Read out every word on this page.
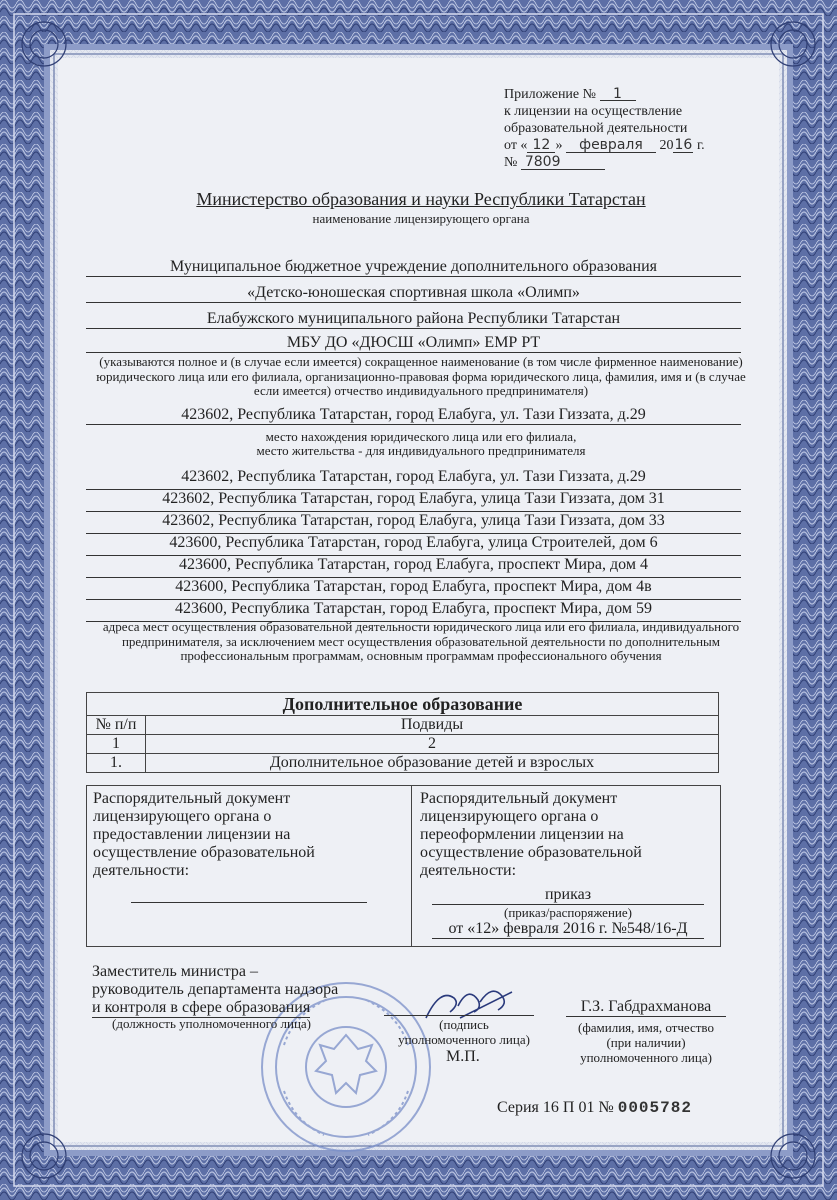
Приложение № 1
к лицензии на осуществление
образовательной деятельности
от « 12 » февраля 2016 г.
№ 7809
Министерство образования и науки Республики Татарстан
наименование лицензирующего органа
Муниципальное бюджетное учреждение дополнительного образования
«Детско-юношеская спортивная школа «Олимп»
Елабужского муниципального района Республики Татарстан
МБУ ДО «ДЮСШ «Олимп» ЕМР РТ
(указываются полное и (в случае если имеется) сокращенное наименование (в том числе фирменное наименование) юридического лица или его филиала, организационно-правовая форма юридического лица, фамилия, имя и (в случае если имеется) отчество индивидуального предпринимателя)
423602, Республика Татарстан, город Елабуга, ул. Тази Гиззата, д.29
место нахождения юридического лица или его филиала,
место жительства - для индивидуального предпринимателя
423602, Республика Татарстан, город Елабуга, ул. Тази Гиззата, д.29
423602, Республика Татарстан, город Елабуга, улица Тази Гиззата, дом 31
423602, Республика Татарстан, город Елабуга, улица Тази Гиззата, дом 33
423600, Республика Татарстан, город Елабуга, улица Строителей, дом 6
423600, Республика Татарстан, город Елабуга, проспект Мира, дом 4
423600, Республика Татарстан, город Елабуга, проспект Мира, дом 4в
423600, Республика Татарстан, город Елабуга, проспект Мира, дом 59
адреса мест осуществления образовательной деятельности юридического лица или его филиала, индивидуального предпринимателя, за исключением мест осуществления образовательной деятельности по дополнительным профессиональным программам, основным программам профессионального обучения
Дополнительное образование	
№ п/п	Подвиды
1	2
1.	Дополнительное образование детей и взрослых
Распорядительный документ
лицензирующего органа о
предоставлении лицензии на
осуществление образовательной
деятельности:
Распорядительный документ
лицензирующего органа о
переоформлении лицензии на
осуществление образовательной
деятельности:
приказ
(приказ/распоряжение)
от «12» февраля 2016 г. №548/16-Д
Заместитель министра –
руководитель департамента надзора
и контроля в сфере образования
(должность уполномоченного лица)	(подпись
уполномоченного лица)
М.П.
Г.З. Габдрахманова
(фамилия, имя, отчество
(при наличии)
уполномоченного лица)
Серия 16 П 01 № 0005782
